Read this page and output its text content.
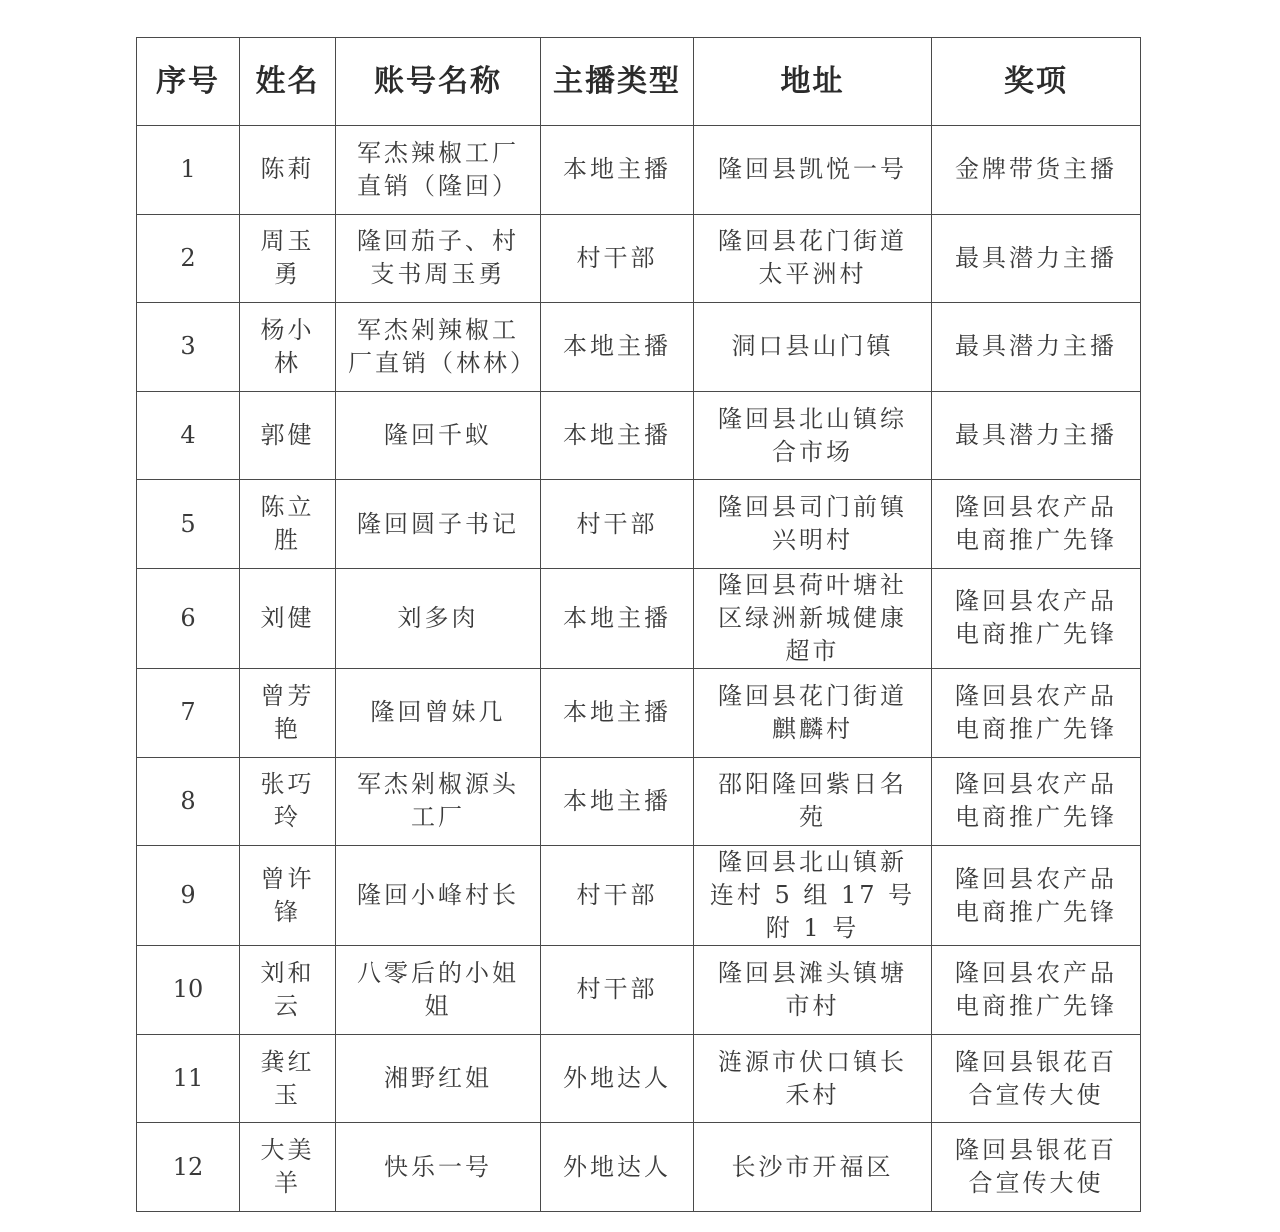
序号	姓名	账号名称	主播类型	地址	奖项
1	陈莉	军杰辣椒工厂直销（隆回）	本地主播	隆回县凯悦一号	金牌带货主播
2	周玉勇	隆回茄子、村支书周玉勇	村干部	隆回县花门街道太平洲村	最具潜力主播
3	杨小林	军杰剁辣椒工厂直销（林林）	本地主播	洞口县山门镇	最具潜力主播
4	郭健	隆回千蚁	本地主播	隆回县北山镇综合市场	最具潜力主播
5	陈立胜	隆回圆子书记	村干部	隆回县司门前镇兴明村	隆回县农产品电商推广先锋
6	刘健	刘多肉	本地主播	隆回县荷叶塘社区绿洲新城健康超市	隆回县农产品电商推广先锋
7	曾芳艳	隆回曾妹几	本地主播	隆回县花门街道麒麟村	隆回县农产品电商推广先锋
8	张巧玲	军杰剁椒源头工厂	本地主播	邵阳隆回紫日名苑	隆回县农产品电商推广先锋
9	曾许锋	隆回小峰村长	村干部	隆回县北山镇新连村 5 组 17 号附 1 号	隆回县农产品电商推广先锋
10	刘和云	八零后的小姐姐	村干部	隆回县滩头镇塘市村	隆回县农产品电商推广先锋
11	龚红玉	湘野红姐	外地达人	涟源市伏口镇长禾村	隆回县银花百合宣传大使
12	大美羊	快乐一号	外地达人	长沙市开福区	隆回县银花百合宣传大使
